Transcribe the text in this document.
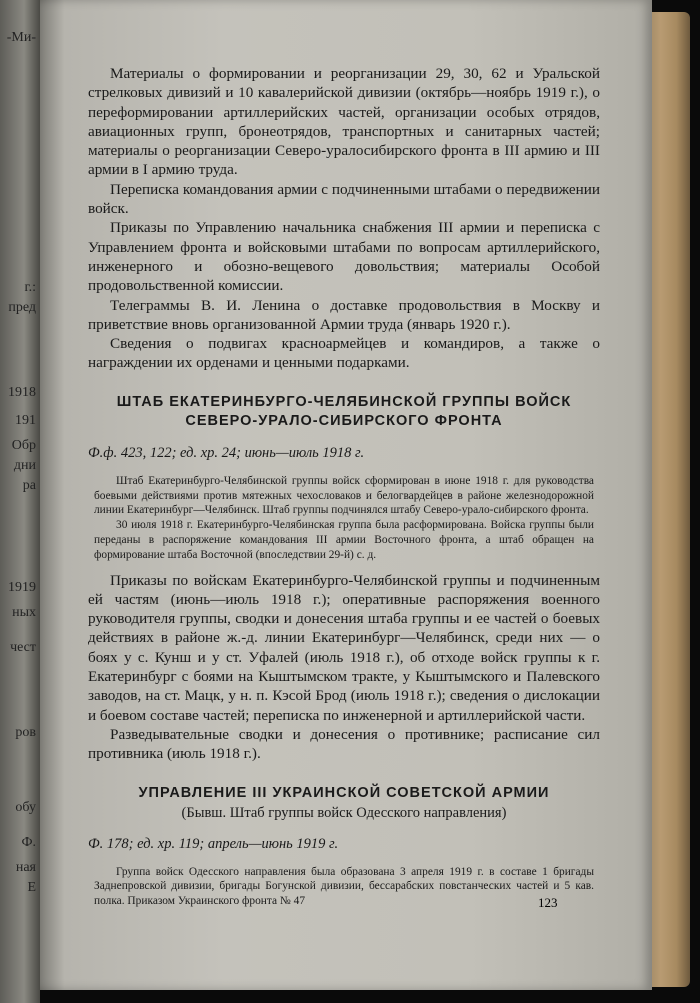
-Ми-
г.:
пред
1918
191
Обр
дни
ра
1919
ных
чест
ров
обу
Ф.
ная
Е

Материалы о формировании и реорганизации 29, 30, 62 и Уральской стрелковых дивизий и 10 кавалерийской дивизии (октябрь—ноябрь 1919 г.), о переформировании артиллерийских частей, организации особых отрядов, авиационных групп, бронеотрядов, транспортных и санитарных частей; материалы о реорганизации Северо-уралосибирского фронта в III армию и III армии в I армию труда.

Переписка командования армии с подчиненными штабами о передвижении войск.

Приказы по Управлению начальника снабжения III армии и переписка с Управлением фронта и войсковыми штабами по вопросам артиллерийского, инженерного и обозно-вещевого довольствия; материалы Особой продовольственной комиссии.

Телеграммы В. И. Ленина о доставке продовольствия в Москву и приветствие вновь организованной Армии труда (январь 1920 г.).

Сведения о подвигах красноармейцев и командиров, а также о награждении их орденами и ценными подарками.

ШТАБ ЕКАТЕРИНБУРГО-ЧЕЛЯБИНСКОЙ ГРУППЫ ВОЙСК

СЕВЕРО-УРАЛО-СИБИРСКОГО ФРОНТА

Ф.ф. 423, 122; ед. хр. 24; июнь—июль 1918 г.

Штаб Екатеринбурго-Челябинской группы войск сформирован в июне 1918 г. для руководства боевыми действиями против мятежных чехословаков и белогвардейцев в районе железнодорожной линии Екатеринбург—Челябинск. Штаб группы подчинялся штабу Северо-урало-сибирского фронта.

30 июля 1918 г. Екатеринбурго-Челябинская группа была расформирована. Войска группы были переданы в распоряжение командования III армии Восточного фронта, а штаб обращен на формирование штаба Восточной (впоследствии 29-й) с. д.

Приказы по войскам Екатеринбурго-Челябинской группы и подчиненным ей частям (июнь—июль 1918 г.); оперативные распоряжения военного руководителя группы, сводки и донесения штаба группы и ее частей о боевых действиях в районе ж.-д. линии Екатеринбург—Челябинск, среди них — о боях у с. Кунш и у ст. Уфалей (июль 1918 г.), об отходе войск группы к г. Екатеринбург с боями на Кыштымском тракте, у Кыштымского и Палевского заводов, на ст. Мацк, у н. п. Кэсой Брод (июль 1918 г.); сведения о дислокации и боевом составе частей; переписка по инженерной и артиллерийской части.

Разведывательные сводки и донесения о противнике; расписание сил противника (июль 1918 г.).

УПРАВЛЕНИЕ III УКРАИНСКОЙ СОВЕТСКОЙ АРМИИ

(Бывш. Штаб группы войск Одесского направления)

Ф. 178; ед. хр. 119; апрель—июнь 1919 г.

Группа войск Одесского направления была образована 3 апреля 1919 г. в составе 1 бригады Заднепровской дивизии, бригады Богунской дивизии, бессарабских повстанческих частей и 5 кав. полка. Приказом Украинского фронта № 47	123
